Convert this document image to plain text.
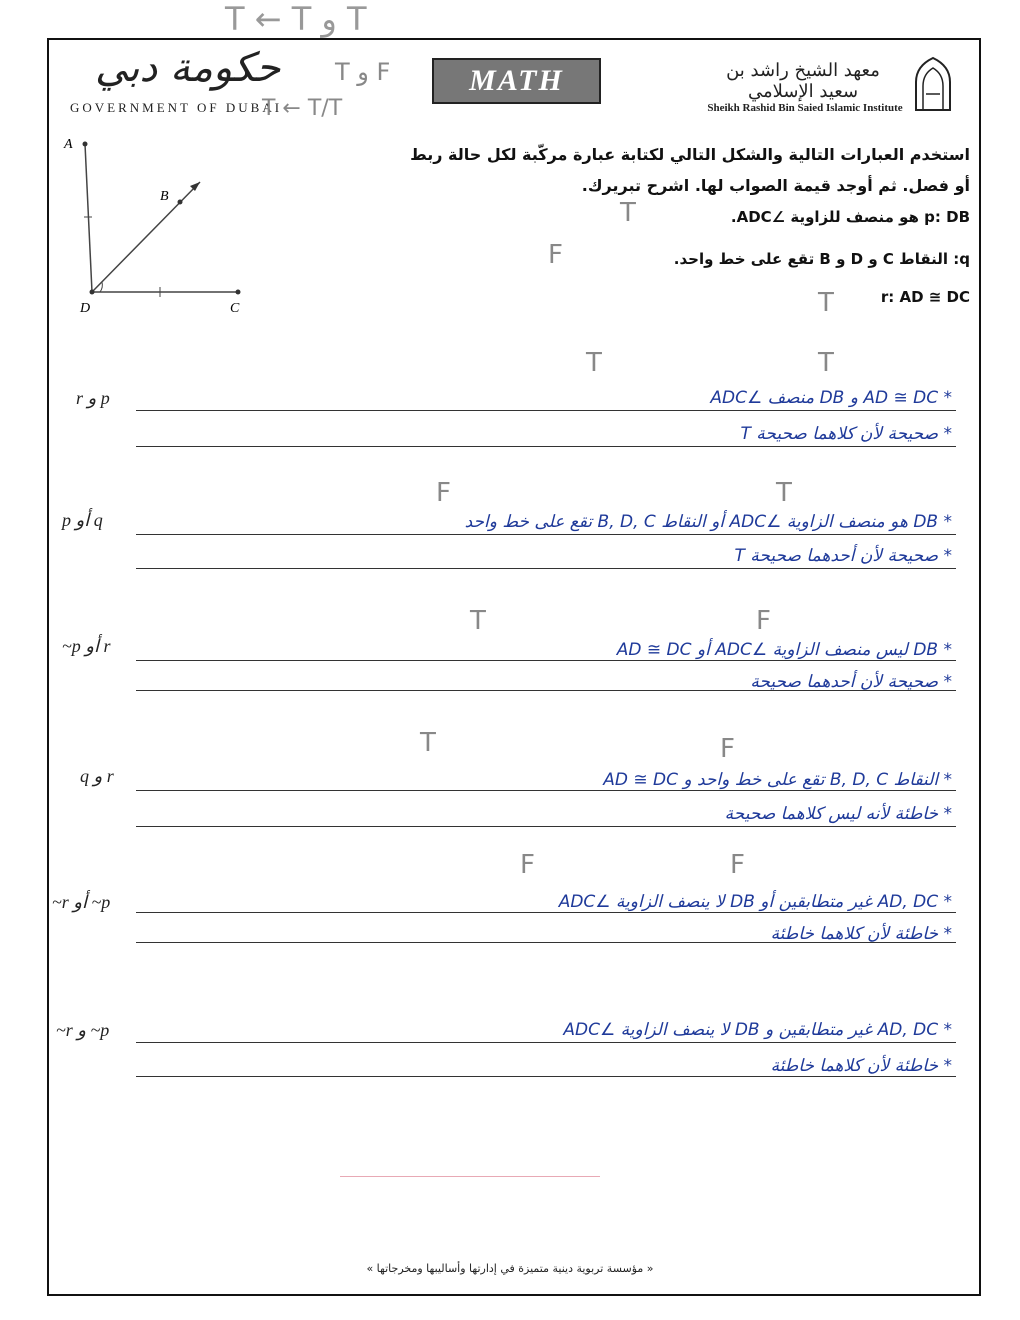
T ← T و T
حكومة دبي
GOVERNMENT OF DUBAI
MATH	معهد الشيخ راشد بن سعيد الإسلامي
Sheikh Rashid Bin Saied Islamic Institute
T و F
T ← T/T
A
B
D	C
استخدم العبارات التالية والشكل التالي لكتابة عبارة مركّبة لكل حالة ربط
أو فصل. ثم أوجد قيمة الصواب لها. اشرح تبريرك.
p: DB هو منصف للزاوية ∠ADC.
T
q: النقاط C و D و B تقع على خط واحد.
F
r: AD ≅ DC
T
r و p
T	T
* AD ≅ DC و DB منصف ∠ADC
* صحيحة لأن كلاهما صحيحة T
p أو q
F	T
* DB هو منصف الزاوية ∠ADC أو النقاط B, D, C تقع على خط واحد
* صحيحة لأن أحدهما صحيحة T
~p أو r
T	F
* DB ليس منصف الزاوية ∠ADC أو AD ≅ DC
* صحيحة لأن أحدهما صحيحة
q و r
T	F
* النقاط B, D, C تقع على خط واحد و AD ≅ DC
* خاطئة لأنه ليس كلاهما صحيحة
~r أو ~p
F	F
* AD, DC غير متطابقين أو DB لا ينصف الزاوية ∠ADC
* خاطئة لأن كلاهما خاطئة
~r و ~p	* AD, DC غير متطابقين و DB لا ينصف الزاوية ∠ADC
* خاطئة لأن كلاهما خاطئة
« مؤسسة تربوية دينية متميزة في إدارتها وأساليبها ومخرجاتها »
